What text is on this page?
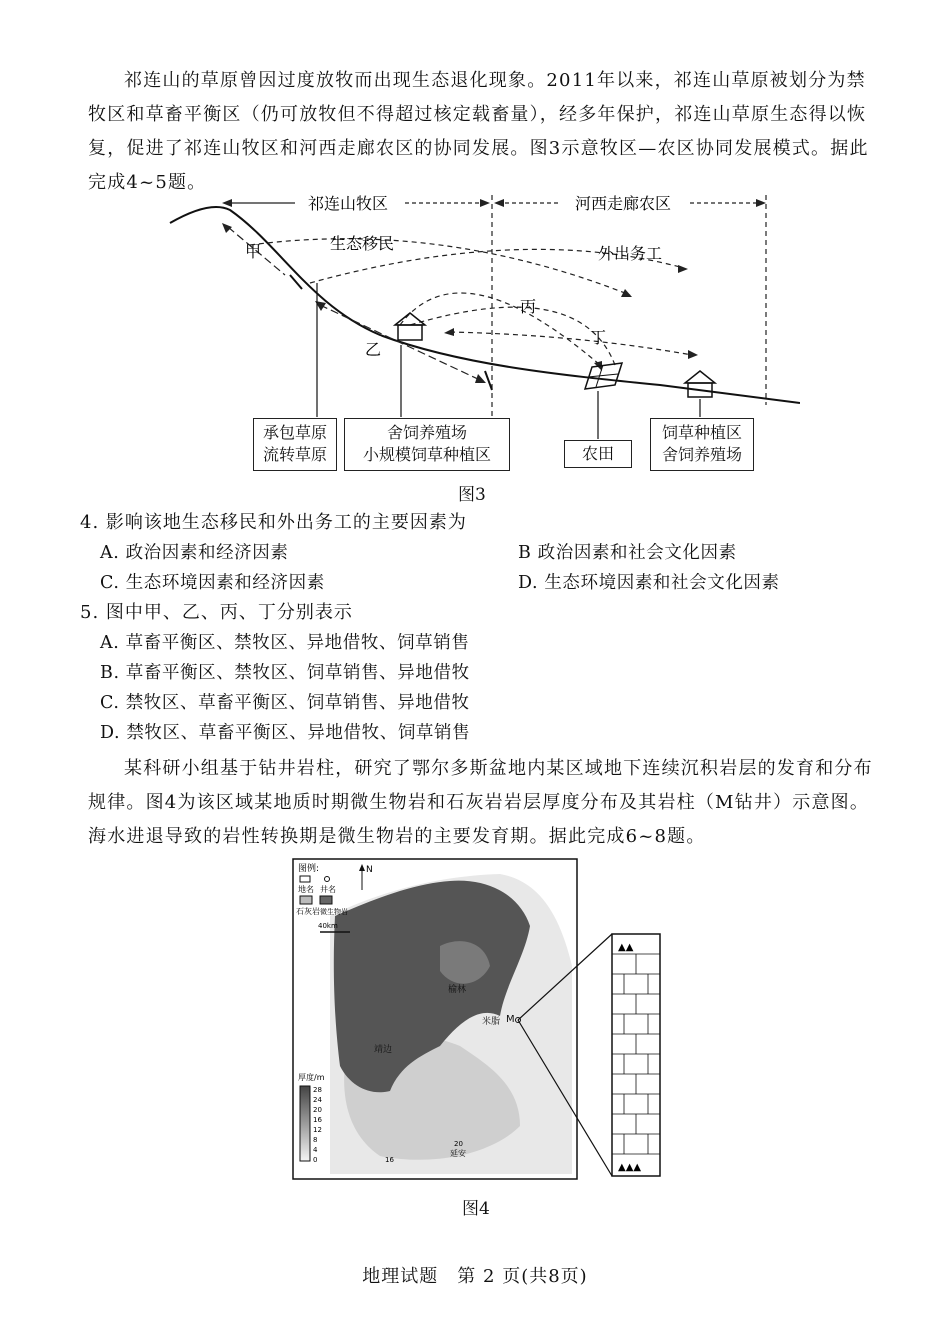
祁连山的草原曾因过度放牧而出现生态退化现象。2011年以来，祁连山草原被划分为禁牧区和草畜平衡区（仍可放牧但不得超过核定载畜量），经多年保护，祁连山草原生态得以恢复，促进了祁连山牧区和河西走廊农区的协同发展。图3示意牧区—农区协同发展模式。据此完成4~5题。
祁连山牧区	河西走廊农区
甲
乙
生态移民
外出务工
丙
丁
承包草原
流转草原
舍饲养殖场
小规模饲草种植区	农田
饲草种植区
舍饲养殖场
图3
4. 影响该地生态移民和外出务工的主要因素为
A. 政治因素和经济因素	B 政治因素和社会文化因素
C. 生态环境因素和经济因素	D. 生态环境因素和社会文化因素
5. 图中甲、乙、丙、丁分别表示
A. 草畜平衡区、禁牧区、异地借牧、饲草销售
B. 草畜平衡区、禁牧区、饲草销售、异地借牧
C. 禁牧区、草畜平衡区、饲草销售、异地借牧
D. 禁牧区、草畜平衡区、异地借牧、饲草销售
某科研小组基于钻井岩柱，研究了鄂尔多斯盆地内某区域地下连续沉积岩层的发育和分布规律。图4为该区域某地质时期微生物岩和石灰岩岩层厚度分布及其岩柱（M钻井）示意图。海水进退导致的岩性转换期是微生物岩的主要发育期。据此完成6~8题。
图例:
地名 井名
石灰岩 微生物岩
N
40km
厚度/m
28
24
20
16
12
8
4
0
榆林
米脂 M
靖边
延安
20
16
▲▲
▲▲▲
图4
地理试题　第 2 页(共8页)
